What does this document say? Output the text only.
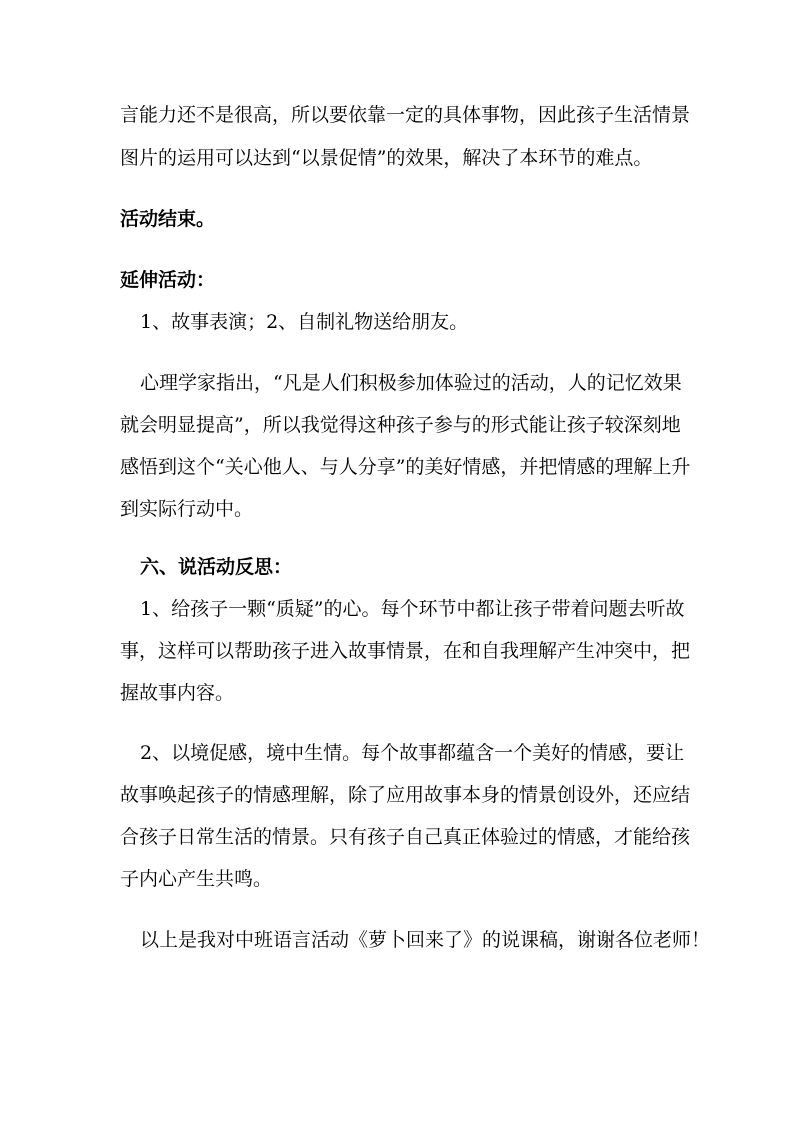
言能力还不是很高，所以要依靠一定的具体事物，因此孩子生活情景
图片的运用可以达到“以景促情”的效果，解决了本环节的难点。
活动结束。
延伸活动：
1、故事表演；2、自制礼物送给朋友。
心理学家指出，“凡是人们积极参加体验过的活动，人的记忆效果
就会明显提高”，所以我觉得这种孩子参与的形式能让孩子较深刻地
感悟到这个“关心他人、与人分享”的美好情感，并把情感的理解上升
到实际行动中。
六、说活动反思：
1、给孩子一颗“质疑”的心。每个环节中都让孩子带着问题去听故
事，这样可以帮助孩子进入故事情景，在和自我理解产生冲突中，把
握故事内容。
2、以境促感，境中生情。每个故事都蕴含一个美好的情感，要让
故事唤起孩子的情感理解，除了应用故事本身的情景创设外，还应结
合孩子日常生活的情景。只有孩子自己真正体验过的情感，才能给孩
子内心产生共鸣。
以上是我对中班语言活动《萝卜回来了》的说课稿，谢谢各位老师！
